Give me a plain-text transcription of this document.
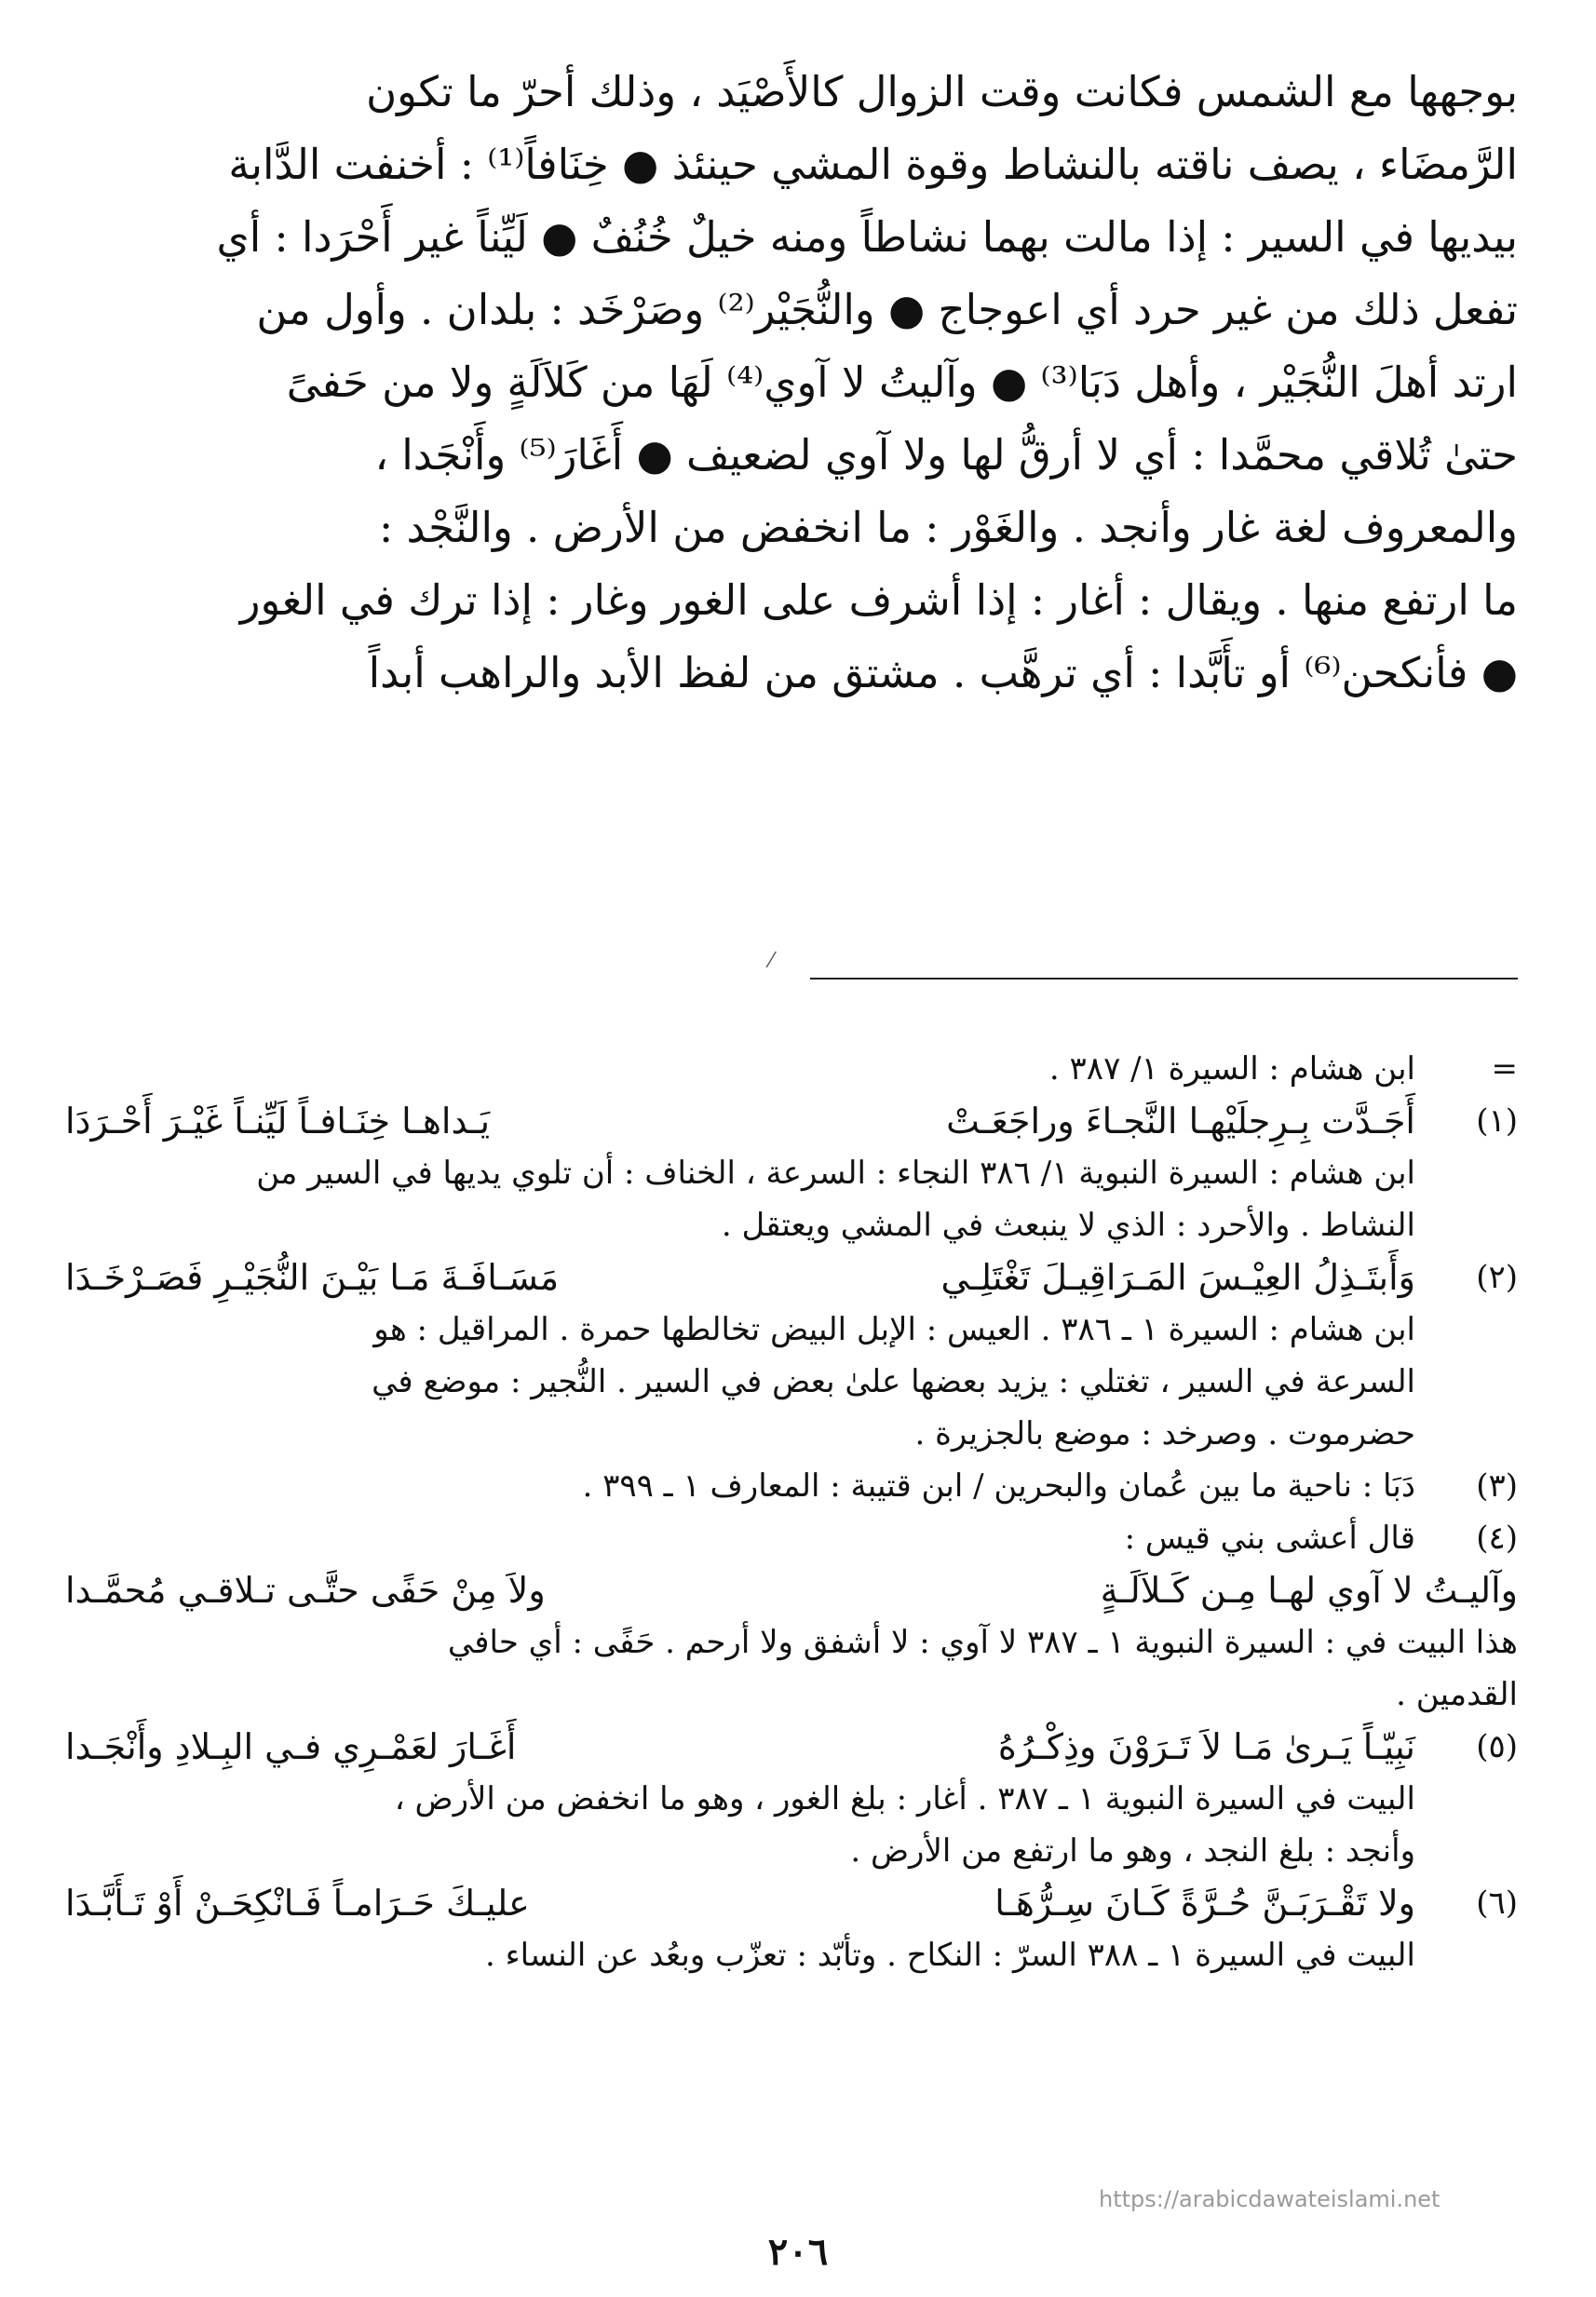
بوجهها مع الشمس فكانت وقت الزوال كالأَصْيَد ، وذلك أحرّ ما تكون
الرَّمضَاء ، يصف ناقته بالنشاط وقوة المشي حينئذ ● خِنَافاً⁽¹⁾ : أخنفت الدَّابة
بيديها في السير : إذا مالت بهما نشاطاً ومنه خيلٌ خُنُفٌ ● لَيِّناً غير أَحْرَدا : أي
تفعل ذلك من غير حرد أي اعوجاج ● والنُّجَيْر⁽²⁾ وصَرْخَد : بلدان . وأول من
ارتد أهلَ النُّجَيْر ، وأهل دَبَا⁽³⁾ ● وآليتُ لا آوي⁽⁴⁾ لَهَا من كَلاَلَةٍ ولا من حَفىً
حتىٰ تُلاقي محمَّدا : أي لا أرقُّ لها ولا آوي لضعيف ● أَغَارَ⁽⁵⁾ وأَنْجَدا ،
والمعروف لغة غار وأنجد . والغَوْر : ما انخفض من الأرض . والنَّجْد :
ما ارتفع منها . ويقال : أغار : إذا أشرف على الغور وغار : إذا ترك في الغور
● فأنكحن⁽⁶⁾ أو تأَبَّدا : أي ترهَّب . مشتق من لفظ الأبد والراهب أبداً
⁄
=
ابن هشام : السيرة ١/ ٣٨٧ .
(١)
أَجَـدَّت بِـرِجلَيْهـا النَّجـاءَ وراجَعَـتْ
يَـداهـا خِنَـافـاً لَيِّنـاً غَيْـرَ أَحْـرَدَا
ابن هشام : السيرة النبوية ١/ ٣٨٦ النجاء : السرعة ، الخناف : أن تلوي يديها في السير من
النشاط . والأحرد : الذي لا ينبعث في المشي ويعتقل .
(٢)
وَأَبتَـذِلُ العِيْـسَ المَـرَاقِيـلَ تَغْتَلِـي
مَسَـافَـةَ مَـا بَيْـنَ النُّجَيْـرِ فَصَـرْخَـدَا
ابن هشام : السيرة ١ ـ ٣٨٦ . العيس : الإبل البيض تخالطها حمرة . المراقيل : هو
السرعة في السير ، تغتلي : يزيد بعضها علىٰ بعض في السير . النُّجير : موضع في
حضرموت . وصرخد : موضع بالجزيرة .
(٣)
دَبَا : ناحية ما بين عُمان والبحرين / ابن قتيبة : المعارف ١ ـ ٣٩٩ .
(٤)
قال أعشى بني قيس :
وآليـتُ لا آوي لهـا مِـن كَـلاَلَـةٍ
ولاَ مِنْ حَفًى حتَّـى تـلاقـي مُحمَّـدا
هذا البيت في : السيرة النبوية ١ ـ ٣٨٧ لا آوي : لا أشفق ولا أرحم . حَفًى : أي حافي
القدمين .
(٥)
نَبِيّـاً يَـرىٰ مَـا لاَ تَـرَوْنَ وذِكْـرُهُ
أَغَـارَ لعَمْـرِي فـي البِـلادِ وأَنْجَـدا
البيت في السيرة النبوية ١ ـ ٣٨٧ . أغار : بلغ الغور ، وهو ما انخفض من الأرض ،
وأنجد : بلغ النجد ، وهو ما ارتفع من الأرض .
(٦)
ولا تَقْـرَبَـنَّ حُـرَّةً كَـانَ سِـرُّهَـا
عليـكَ حَـرَامـاً فَـانْكِحَـنْ أَوْ تَـأَبَّـدَا
البيت في السيرة ١ ـ ٣٨٨ السرّ : النكاح . وتأبّد : تعزّب وبعُد عن النساء .
https://arabicdawateislami.net
٢٠٦
